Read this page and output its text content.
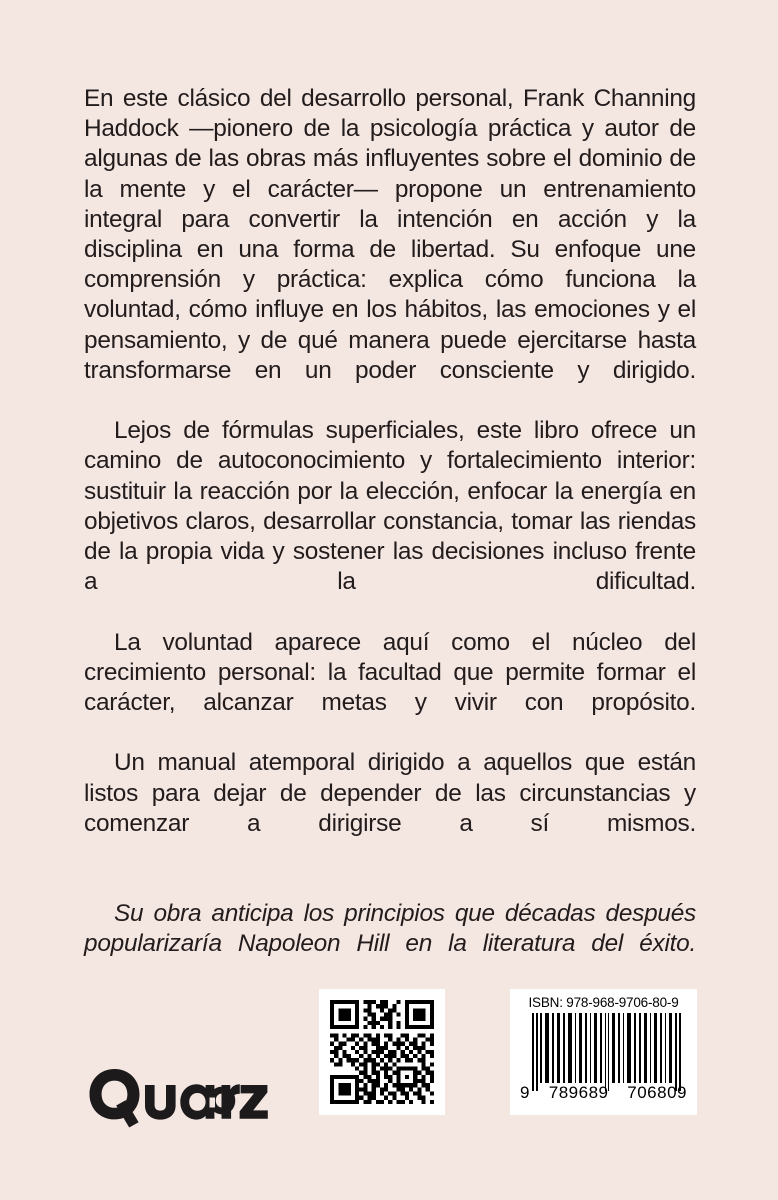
En este clásico del desarrollo personal, Frank Channing Haddock —pionero de la psicología práctica y autor de algunas de las obras más influyentes sobre el dominio de la mente y el carácter— propone un entrenamiento integral para convertir la intención en acción y la disciplina en una forma de libertad. Su enfoque une comprensión y práctica: explica cómo funciona la voluntad, cómo influye en los hábitos, las emociones y el pensamiento, y de qué manera puede ejercitarse hasta transformarse en un poder consciente y dirigido.

Lejos de fórmulas superficiales, este libro ofrece un camino de autoconocimiento y fortalecimiento interior: sustituir la reacción por la elección, enfocar la energía en objetivos claros, desarrollar constancia, tomar las riendas de la propia vida y sostener las decisiones incluso frente a la dificultad.

La voluntad aparece aquí como el núcleo del crecimiento personal: la facultad que permite formar el carácter, alcanzar metas y vivir con propósito.

Un manual atemporal dirigido a aquellos que están listos para dejar de depender de las circunstancias y comenzar a dirigirse a sí mismos.

Su obra anticipa los principios que décadas después popularizaría Napoleon Hill en la literatura del éxito.

ISBN: 978-968-9706-80-9
9 789689 706809
